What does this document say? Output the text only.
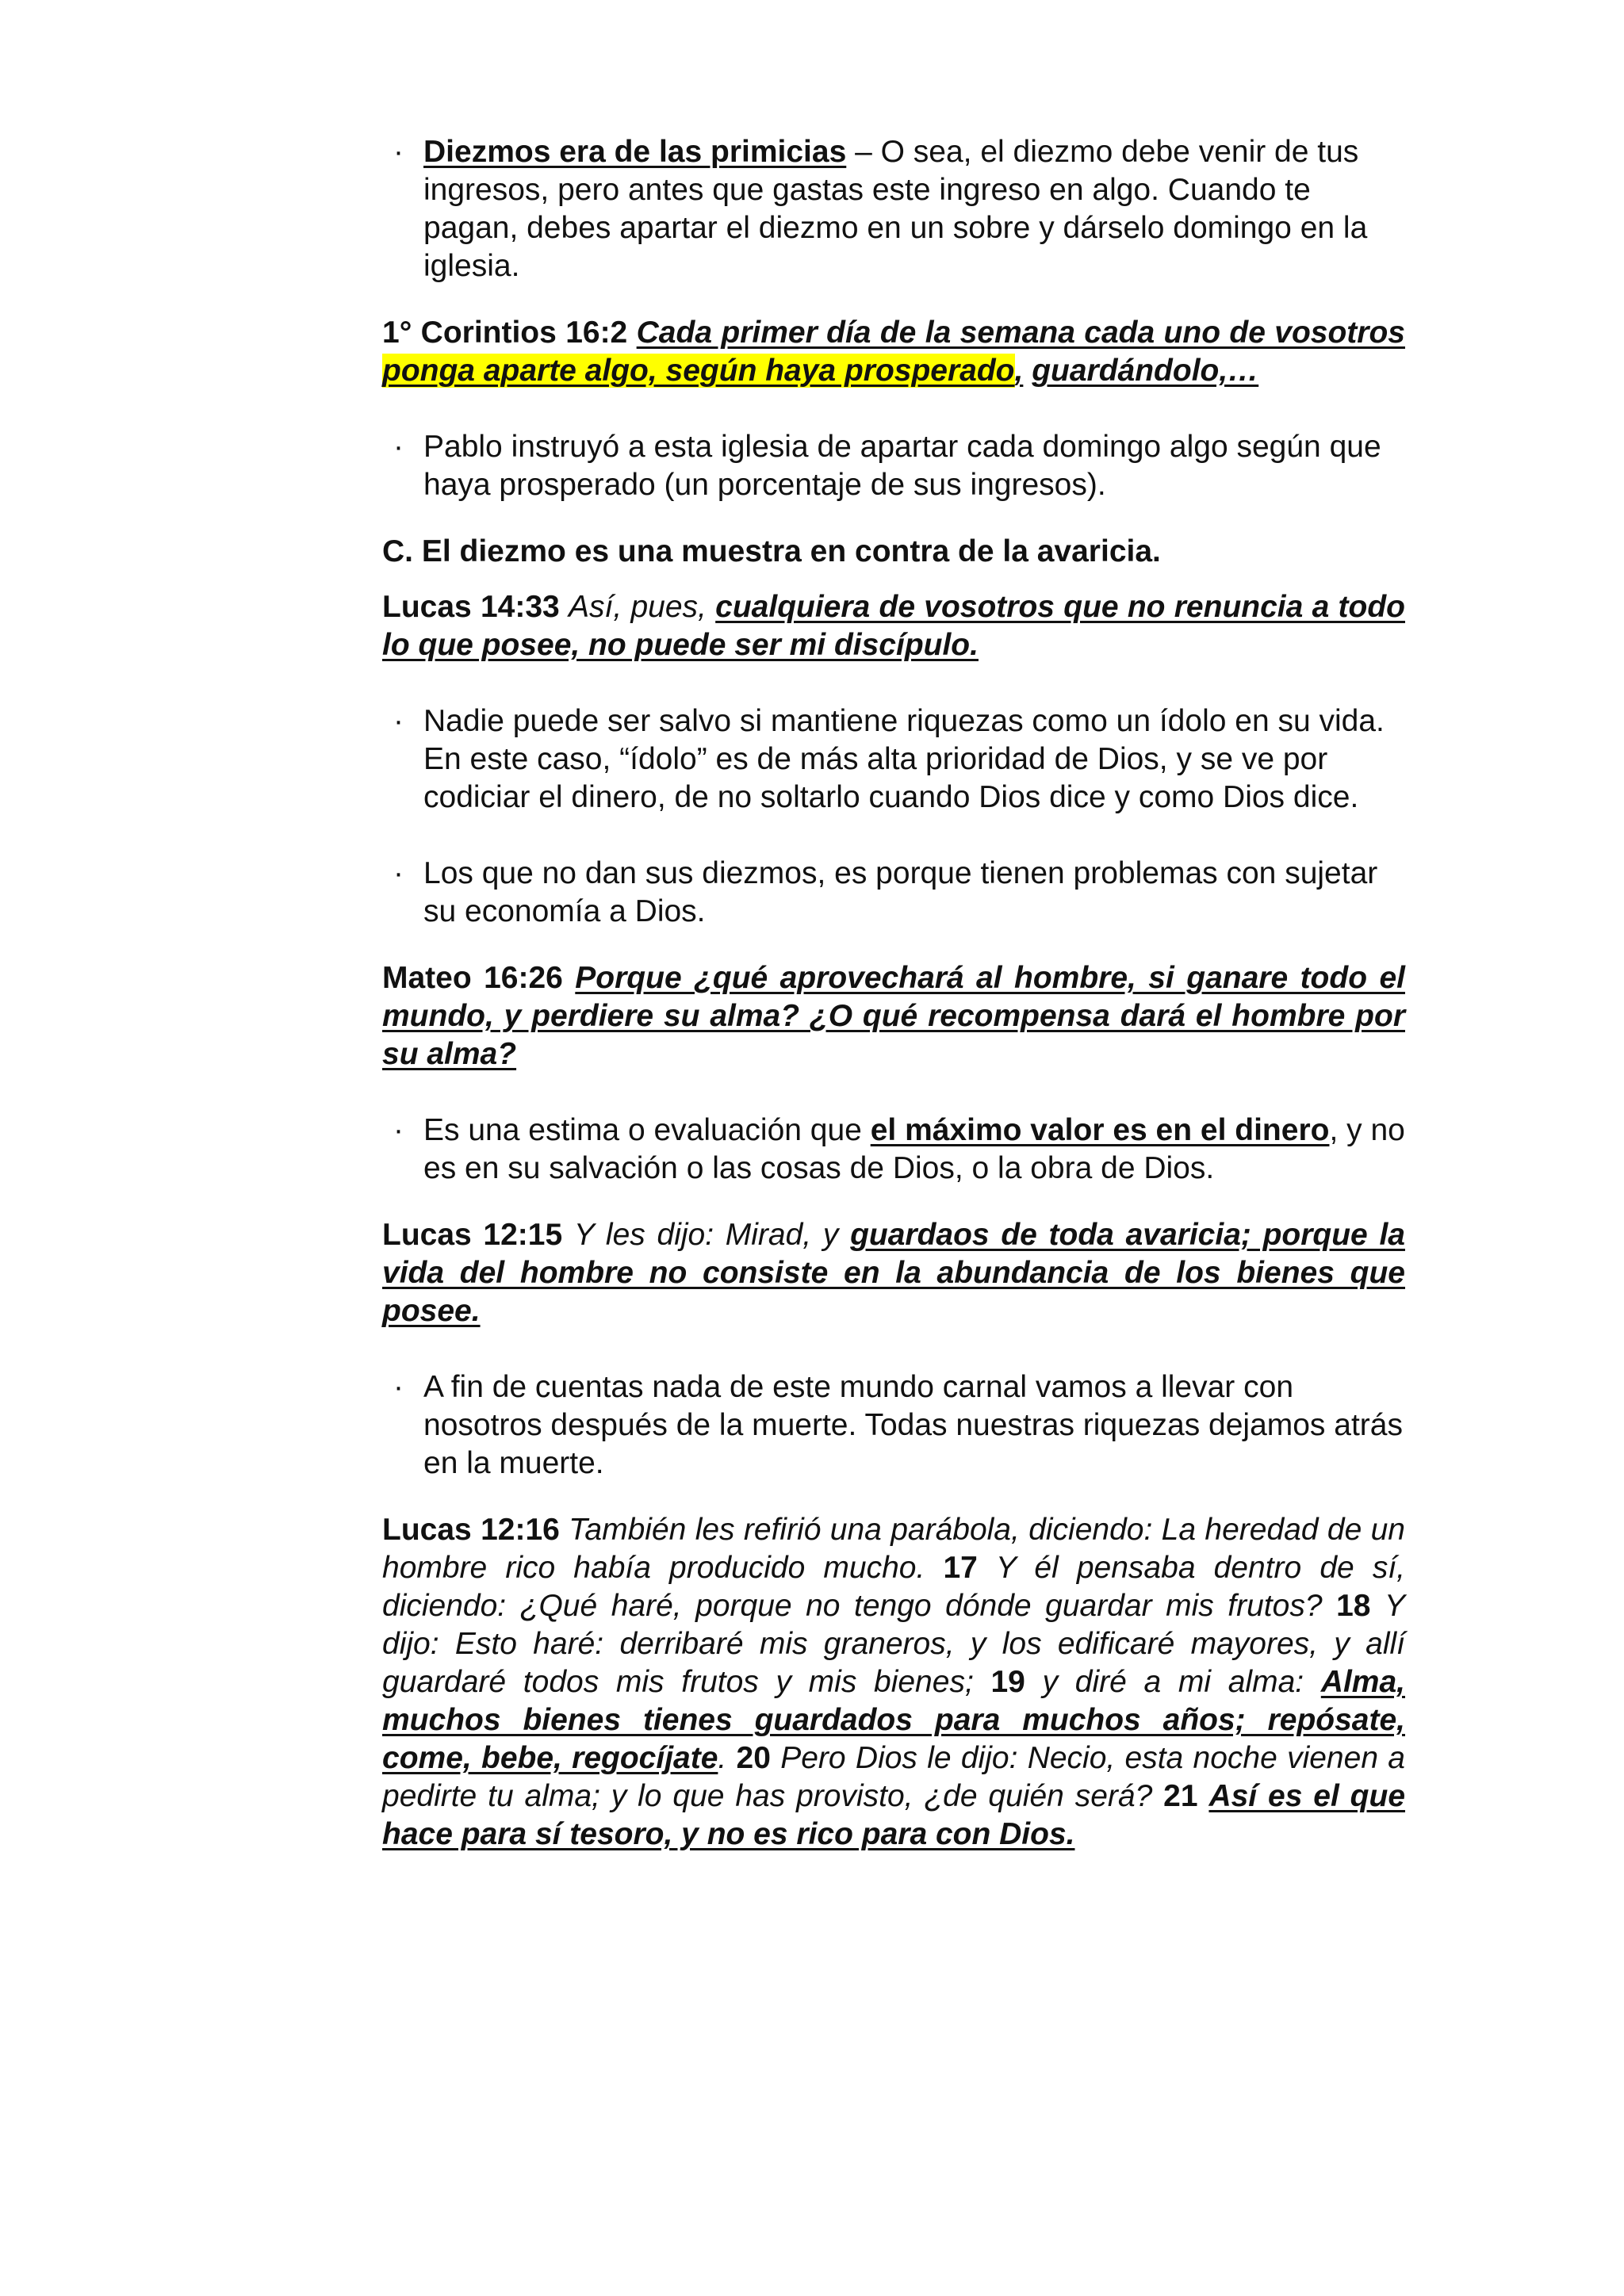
· Diezmos era de las primicias – O sea, el diezmo debe venir de tus ingresos, pero antes que gastas este ingreso en algo. Cuando te pagan, debes apartar el diezmo en un sobre y dárselo domingo en la iglesia.
1° Corintios 16:2 Cada primer día de la semana cada uno de vosotros ponga aparte algo, según haya prosperado, guardándolo,…
· Pablo instruyó a esta iglesia de apartar cada domingo algo según que haya prosperado (un porcentaje de sus ingresos).
C. El diezmo es una muestra en contra de la avaricia.
Lucas 14:33 Así, pues, cualquiera de vosotros que no renuncia a todo lo que posee, no puede ser mi discípulo.
· Nadie puede ser salvo si mantiene riquezas como un ídolo en su vida. En este caso, “ídolo” es de más alta prioridad de Dios, y se ve por codiciar el dinero, de no soltarlo cuando Dios dice y como Dios dice.
· Los que no dan sus diezmos, es porque tienen problemas con sujetar su economía a Dios.
Mateo 16:26 Porque ¿qué aprovechará al hombre, si ganare todo el mundo, y perdiere su alma? ¿O qué recompensa dará el hombre por su alma?
· Es una estima o evaluación que el máximo valor es en el dinero, y no es en su salvación o las cosas de Dios, o la obra de Dios.
Lucas 12:15 Y les dijo: Mirad, y guardaos de toda avaricia; porque la vida del hombre no consiste en la abundancia de los bienes que posee.
· A fin de cuentas nada de este mundo carnal vamos a llevar con nosotros después de la muerte. Todas nuestras riquezas dejamos atrás en la muerte.
Lucas 12:16 También les refirió una parábola, diciendo: La heredad de un hombre rico había producido mucho. 17 Y él pensaba dentro de sí, diciendo: ¿Qué haré, porque no tengo dónde guardar mis frutos? 18 Y dijo: Esto haré: derribaré mis graneros, y los edificaré mayores, y allí guardaré todos mis frutos y mis bienes; 19 y diré a mi alma: Alma, muchos bienes tienes guardados para muchos años; repósate, come, bebe, regocíjate. 20 Pero Dios le dijo: Necio, esta noche vienen a pedirte tu alma; y lo que has provisto, ¿de quién será? 21 Así es el que hace para sí tesoro, y no es rico para con Dios.
